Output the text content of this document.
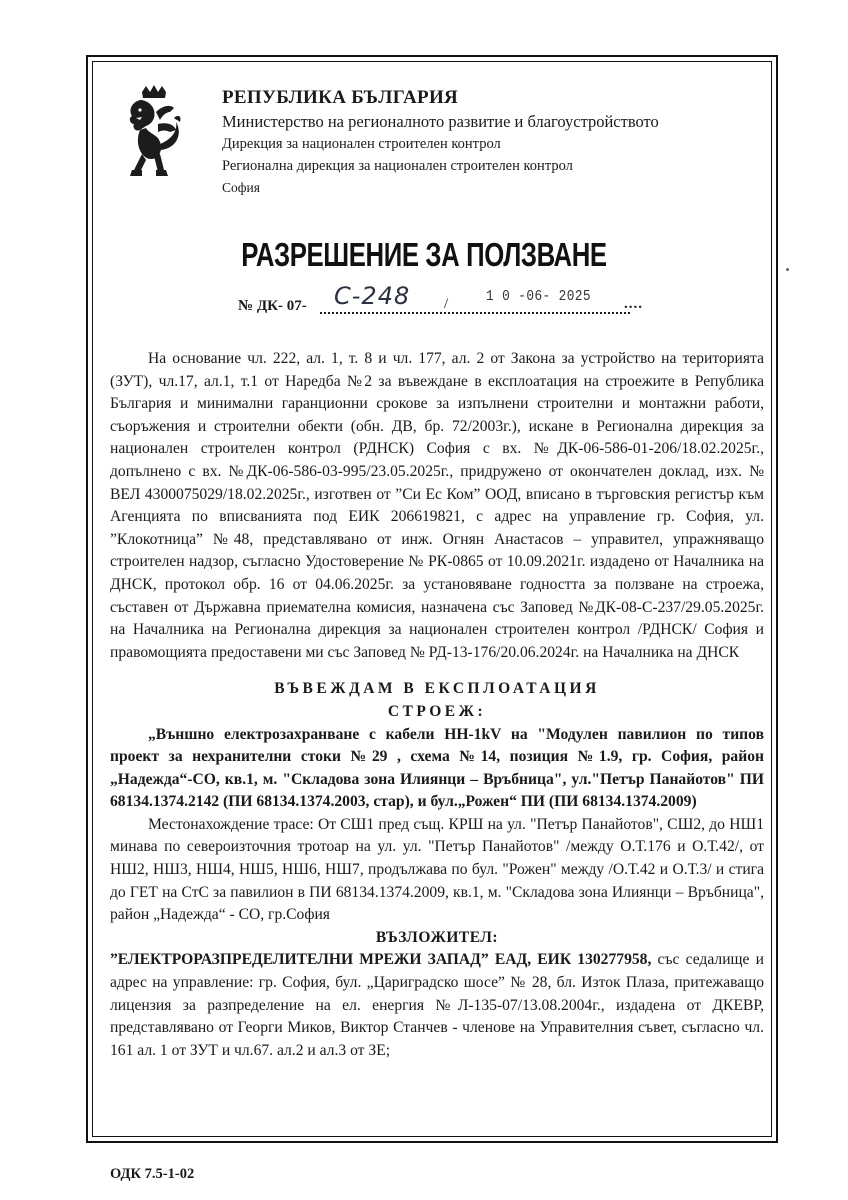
РЕПУБЛИКА БЪЛГАРИЯ

Министерство на регионалното развитие и благоустройството

Дирекция за национален строителен контрол

Регионална дирекция за национален строителен контрол

София

РАЗРЕШЕНИЕ ЗА ПОЛЗВАНЕ
№ ДК- 07- C-248 /	1 0 -06- 2025 ....

На основание чл. 222, ал. 1, т. 8 и чл. 177, ал. 2 от Закона за устройство на територията (ЗУТ), чл.17, ал.1, т.1 от Наредба №2 за въвеждане в експлоатация на строежите в Република България и минимални гаранционни срокове за изпълнени строителни и монтажни работи, съоръжения и строителни обекти (обн. ДВ, бр. 72/2003г.), искане в Регионална дирекция за национален строителен контрол (РДНСК) София с вх. №ДК-06-586-01-206/18.02.2025г., допълнено с вх. №ДК-06-586-03-995/23.05.2025г., придружено от окончателен доклад, изх. № ВЕЛ 4300075029/18.02.2025г., изготвен от ”Си Ес Ком” ООД, вписано в търговския регистър към Агенцията по вписванията под ЕИК 206619821, с адрес на управление гр. София, ул. ”Клокотница” №48, представлявано от инж. Огнян Анастасов – управител, упражняващо строителен надзор, съгласно Удостоверение № РК-0865 от 10.09.2021г. издадено от Началника на ДНСК, протокол обр. 16 от 04.06.2025г. за установяване годността за ползване на строежа, съставен от Държавна приемателна комисия, назначена със Заповед №ДК-08-С-237/29.05.2025г. на Началника на Регионална дирекция за национален строителен контрол /РДНСК/ София и правомощията предоставени ми със Заповед № РД-13-176/20.06.2024г. на Началника на ДНСК

ВЪВЕЖДАМ В ЕКСПЛОАТАЦИЯ

СТРОЕЖ:

„Външно електрозахранване с кабели НН-1kV на "Модулен павилион по типов проект за нехранителни стоки №29 , схема №14, позиция №1.9, гр. София, район „Надежда“-СО, кв.1, м. "Складова зона Илиянци – Връбница", ул."Петър Панайотов" ПИ 68134.1374.2142 (ПИ 68134.1374.2003, стар), и бул.„Рожен“ ПИ (ПИ 68134.1374.2009)

Местонахождение трасе: От СШ1 пред същ. КРШ на ул. "Петър Панайотов", СШ2, до НШ1 минава по североизточния тротоар на ул. ул. "Петър Панайотов" /между О.Т.176 и О.Т.42/, от НШ2, НШ3, НШ4, НШ5, НШ6, НШ7, продължава по бул. "Рожен" между /О.Т.42 и О.Т.3/ и стига до ГЕТ на СтС за павилион в ПИ 68134.1374.2009, кв.1, м. "Складова зона Илиянци – Връбница", район „Надежда“ - СО, гр.София

ВЪЗЛОЖИТЕЛ:

”ЕЛЕКТРОРАЗПРЕДЕЛИТЕЛНИ МРЕЖИ ЗАПАД” ЕАД, ЕИК 130277958, със седалище и адрес на управление: гр. София, бул. „Цариградско шосе” № 28, бл. Изток Плаза, притежаващо лицензия за разпределение на ел. енергия №Л-135-07/13.08.2004г., издадена от ДКЕВР, представлявано от Георги Миков, Виктор Станчев - членове на Управителния съвет, съгласно чл. 161 ал. 1 от ЗУТ и чл.67. ал.2 и ал.3 от ЗЕ;

ОДК 7.5-1-02
